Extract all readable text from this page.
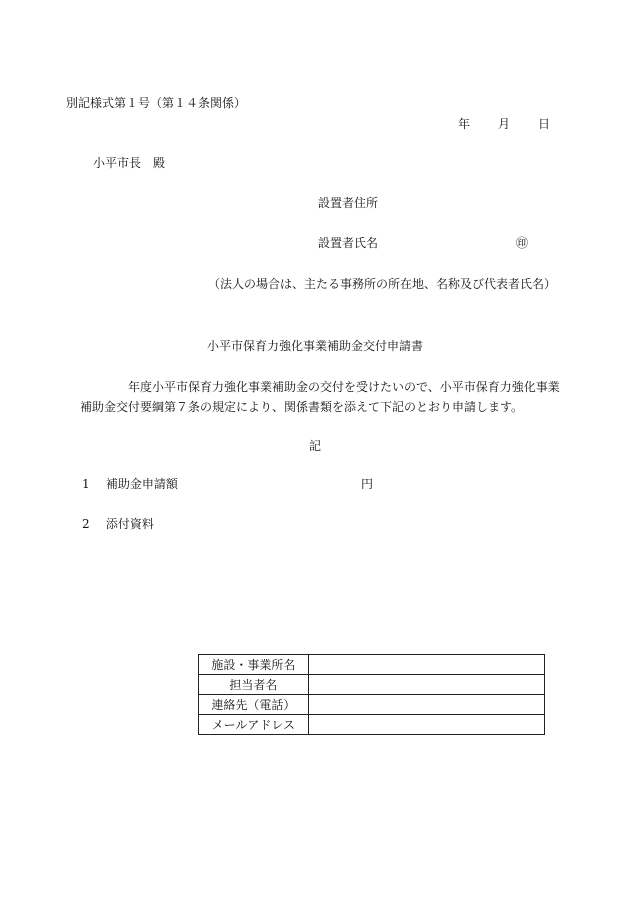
別記様式第１号（第１４条関係）
年 月 日
小平市長　殿
設置者住所
設置者氏名	㊞
（法人の場合は、主たる事務所の所在地、名称及び代表者氏名）
小平市保育力強化事業補助金交付申請書
年度小平市保育力強化事業補助金の交付を受けたいので、小平市保育力強化事業
補助金交付要綱第７条の規定により、関係書類を添えて下記のとおり申請します。
記
1 補助金申請額	円
2 添付資料
施設・事業所名	
担当者名	
連絡先（電話）	
メールアドレス	
